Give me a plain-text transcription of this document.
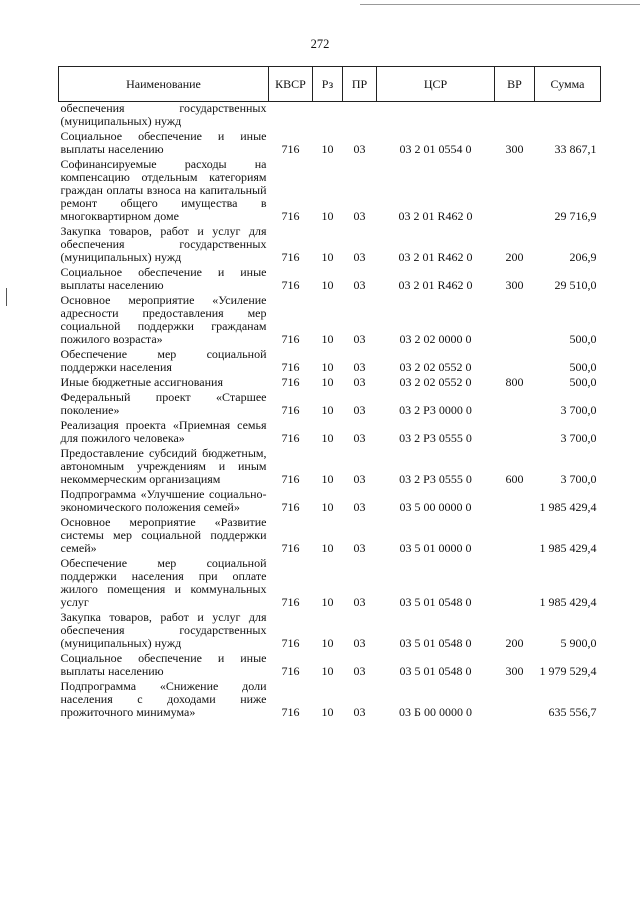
272
Наименование	КВСР	Рз	ПР	ЦСР	ВР	Сумма
обеспечения государственных (муниципальных) нужд						
Социальное обеспечение и иные выплаты населению	716	10	03	03 2 01 0554 0	300	33 867,1
Софинансируемые расходы на компенсацию отдельным категориям граждан оплаты взноса на капитальный ремонт общего имущества в многоквартирном доме	716	10	03	03 2 01 R462 0		29 716,9
Закупка товаров, работ и услуг для обеспечения государственных (муниципальных) нужд	716	10	03	03 2 01 R462 0	200	206,9
Социальное обеспечение и иные выплаты населению	716	10	03	03 2 01 R462 0	300	29 510,0
Основное мероприятие «Усиление адресности предоставления мер социальной поддержки гражданам пожилого возраста»	716	10	03	03 2 02 0000 0		500,0
Обеспечение мер социальной поддержки населения	716	10	03	03 2 02 0552 0		500,0
Иные бюджетные ассигнования	716	10	03	03 2 02 0552 0	800	500,0
Федеральный проект «Старшее поколение»	716	10	03	03 2 P3 0000 0		3 700,0
Реализация проекта «Приемная семья для пожилого человека»	716	10	03	03 2 P3 0555 0		3 700,0
Предоставление субсидий бюджетным, автономным учреждениям и иным некоммерческим организациям	716	10	03	03 2 P3 0555 0	600	3 700,0
Подпрограмма «Улучшение социально-экономического положения семей»	716	10	03	03 5 00 0000 0		1 985 429,4
Основное мероприятие «Развитие системы мер социальной поддержки семей»	716	10	03	03 5 01 0000 0		1 985 429,4
Обеспечение мер социальной поддержки населения при оплате жилого помещения и коммунальных услуг	716	10	03	03 5 01 0548 0		1 985 429,4
Закупка товаров, работ и услуг для обеспечения государственных (муниципальных) нужд	716	10	03	03 5 01 0548 0	200	5 900,0
Социальное обеспечение и иные выплаты населению	716	10	03	03 5 01 0548 0	300	1 979 529,4
Подпрограмма «Снижение доли населения с доходами ниже прожиточного минимума»	716	10	03	03 Б 00 0000 0		635 556,7
